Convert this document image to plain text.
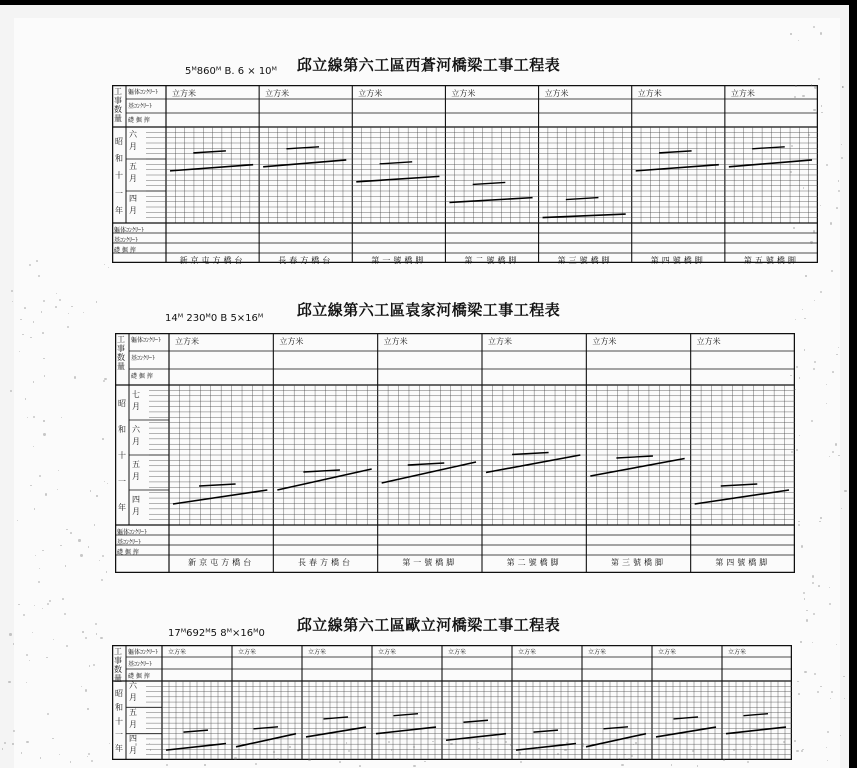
邱立線第六工區西蒼河橋梁工事工程表
5ᴹ860ᴹ B. 6 × 10ᴹ
工事数量
軀体ｺﾝｸﾘｰﾄ
基ｺﾝｸﾘｰﾄ
礎 掘 搾
立方米	立方米	立方米	立方米	立方米	立方米	立方米
昭和十一年
六月
五月
四月
軀体ｺﾝｸﾘｰﾄ
基ｺﾝｸﾘｰﾄ
礎 掘 搾
新京屯方橋台	長春方橋台	第一號橋脚	第二號橋脚	第三號橋脚	第四號橋脚	第五號橋脚
邱立線第六工區袁家河橋梁工事工程表
14ᴹ 230ᴹ0 B 5×16ᴹ
工事数量
軀体ｺﾝｸﾘｰﾄ
基ｺﾝｸﾘｰﾄ
礎 掘 搾
立方米	立方米	立方米	立方米	立方米	立方米
昭和十一年
七月
六月
五月
四月
軀体ｺﾝｸﾘｰﾄ
基ｺﾝｸﾘｰﾄ
礎 掘 搾
新京屯方橋台	長春方橋台	第一號橋脚	第二號橋脚	第三號橋脚	第四號橋脚
邱立線第六工區歐立河橋梁工事工程表
17ᴹ692ᴹ5 8ᴹ×16ᴹ0
工事数量
軀体ｺﾝｸﾘｰﾄ
基ｺﾝｸﾘｰﾄ
礎 掘 搾
立方米	立方米	立方米	立方米	立方米	立方米	立方米	立方米	立方米
昭和十一年
六月
五月
四月
